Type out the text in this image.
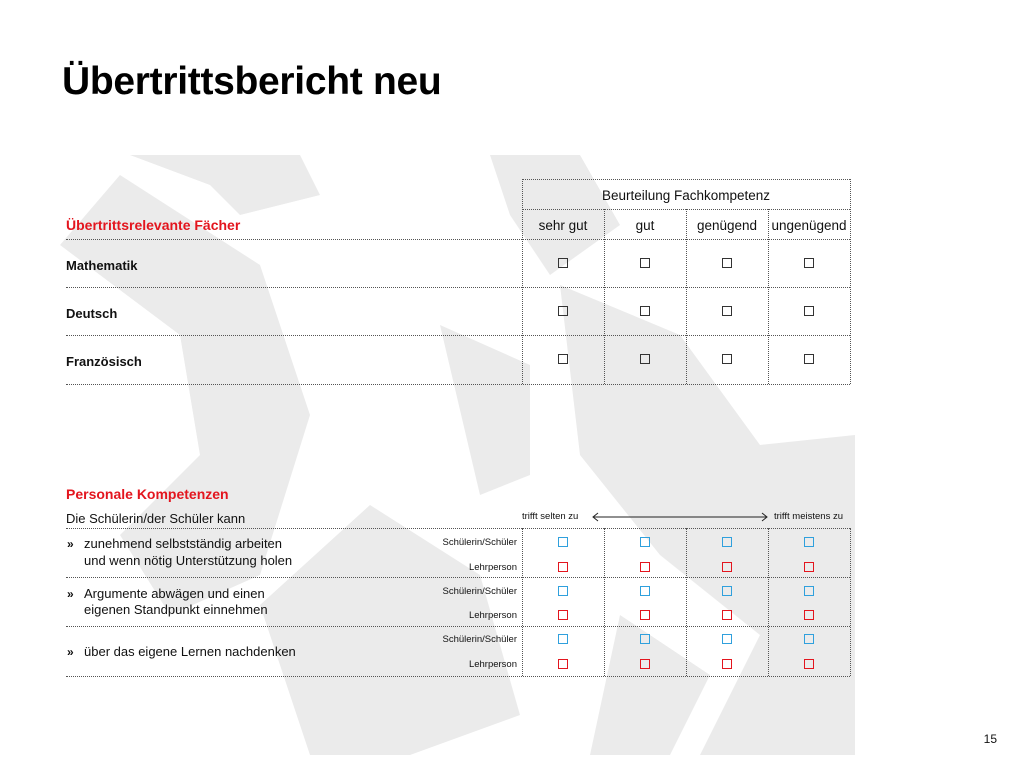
Übertrittsbericht neu
Beurteilung Fachkompetenz
Übertrittsrelevante Fächer	sehr gut	gut	genügend	ungenügend
Mathematik
Deutsch
Französisch
Personale Kompetenzen
Die Schülerin/der Schüler kann	trifft selten zu	trifft meistens zu
» zunehmend selbstständig arbeiten
und wenn nötig Unterstützung holen
Schülerin/Schüler
Lehrperson
» Argumente abwägen und einen
eigenen Standpunkt einnehmen
Schülerin/Schüler
Lehrperson
» über das eigene Lernen nachdenken
Schülerin/Schüler
Lehrperson
15
